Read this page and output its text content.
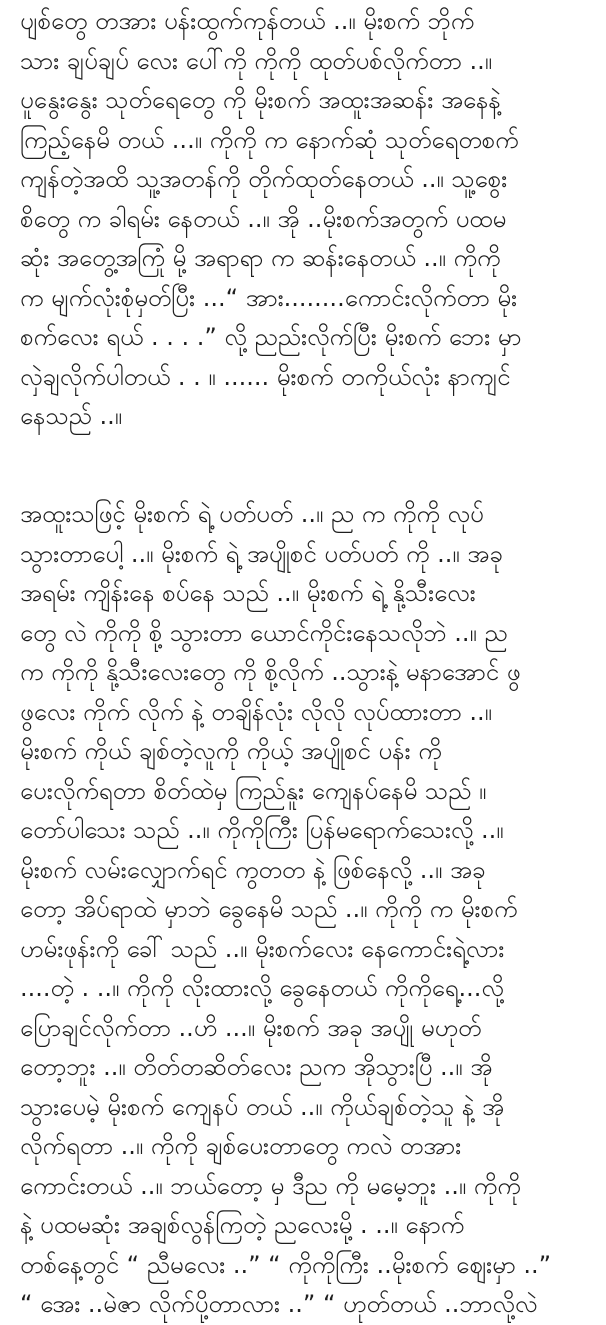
ပျစ်တွေ တအား ပန်းထွက်ကုန်တယ် ..။ မိုးစက် ဘိုက်
သား ချပ်ချပ် လေး ပေါ်ကို ကိုကို ထုတ်ပစ်လိုက်တာ ..။
ပူနွေးနွေး သုတ်ရေတွေ ကို မိုးစက် အထူးအဆန်း အနေနဲ့
ကြည့်နေမိ တယ် ...။ ကိုကို က နောက်ဆုံ သုတ်ရေတစက်
ကျန်တဲ့အထိ သူ့အတန်ကို တိုက်ထုတ်နေတယ် ..။ သူ့စွေး
စိတွေ က ခါရမ်း နေတယ် ..။ အို ..မိုးစက်အတွက် ပထမ
ဆုံး အတွေ့အကြုံ မို့ အရာရာ က ဆန်းနေတယ် ..။ ကိုကို
က မျက်လုံးစုံမှတ်ပြီး ...“ အား........ကောင်းလိုက်တာ မိုး
စက်လေး ရယ် . . . .” လို့ ညည်းလိုက်ပြီး မိုးစက် ဘေး မှာ
လှဲချလိုက်ပါတယ် . . ။ ...... မိုးစက် တကိုယ်လုံး နာကျင်
နေသည် ..။
အထူးသဖြင့် မိုးစက် ရဲ့ ပတ်ပတ် ..။ ည က ကိုကို လုပ်
သွားတာပေါ့ ..။ မိုးစက် ရဲ့ အပျိုစင် ပတ်ပတ် ကို ..။ အခု
အရမ်း ကျိန်းနေ စပ်နေ သည် ..။ မိုးစက် ရဲ့ နို့သီးလေး
တွေ လဲ ကိုကို စို့ သွားတာ ယောင်ကိုင်းနေသလိုဘဲ ..။ ည
က ကိုကို နို့သီးလေးတွေ ကို စို့လိုက် ..သွားနဲ့ မနာအောင် ဖွ
ဖွလေး ကိုက် လိုက် နဲ့ တချိန်လုံး လိုလို လုပ်ထားတာ ..။
မိုးစက် ကိုယ် ချစ်တဲ့လူကို ကိုယ့် အပျိုစင် ပန်း ကို
ပေးလိုက်ရတာ စိတ်ထဲမှ ကြည်နူး ကျေနပ်နေမိ သည် ။
တော်ပါသေး သည် ..။ ကိုကိုကြီး ပြန်မရောက်သေးလို့ ..။
မိုးစက် လမ်းလျှောက်ရင် ကွတတ နဲ့ ဖြစ်နေလို့ ..။ အခု
တော့ အိပ်ရာထဲ မှာဘဲ ခွေနေမိ သည် ..။ ကိုကို က မိုးစက်
ဟမ်းဖုန်းကို ခေါ် သည် ..။ မိုးစက်လေး နေကောင်းရဲ့လား
....တဲ့ . ..။ ကိုကို လိုးထားလို့ ခွေနေတယ် ကိုကိုရေ့...လို့
ပြောချင်လိုက်တာ ..ဟိ ...။ မိုးစက် အခု အပျို မဟုတ်
တော့ဘူး ..။ တိတ်တဆိတ်လေး ညက အိုသွားပြီ ..။ အို
သွားပေမဲ့ မိုးစက် ကျေနပ် တယ် ..။ ကိုယ်ချစ်တဲ့သူ နဲ့ အို
လိုက်ရတာ ..။ ကိုကို ချစ်ပေးတာတွေ ကလဲ တအား
ကောင်းတယ် ..။ ဘယ်တော့ မှ ဒီည ကို မမေ့ဘူး ..။ ကိုကို
နဲ့ ပထမဆုံး အချစ်လွန်ကြတဲ့ ညလေးမို့ . ..။ နောက်
တစ်နေ့တွင် “ ညီမလေး ..” “ ကိုကိုကြီး ..မိုးစက် ဈေးမှာ ..”
“ အေး ..မဲဇာ လိုက်ပို့တာလား ..” “ ဟုတ်တယ် ..ဘာလို့လဲ
